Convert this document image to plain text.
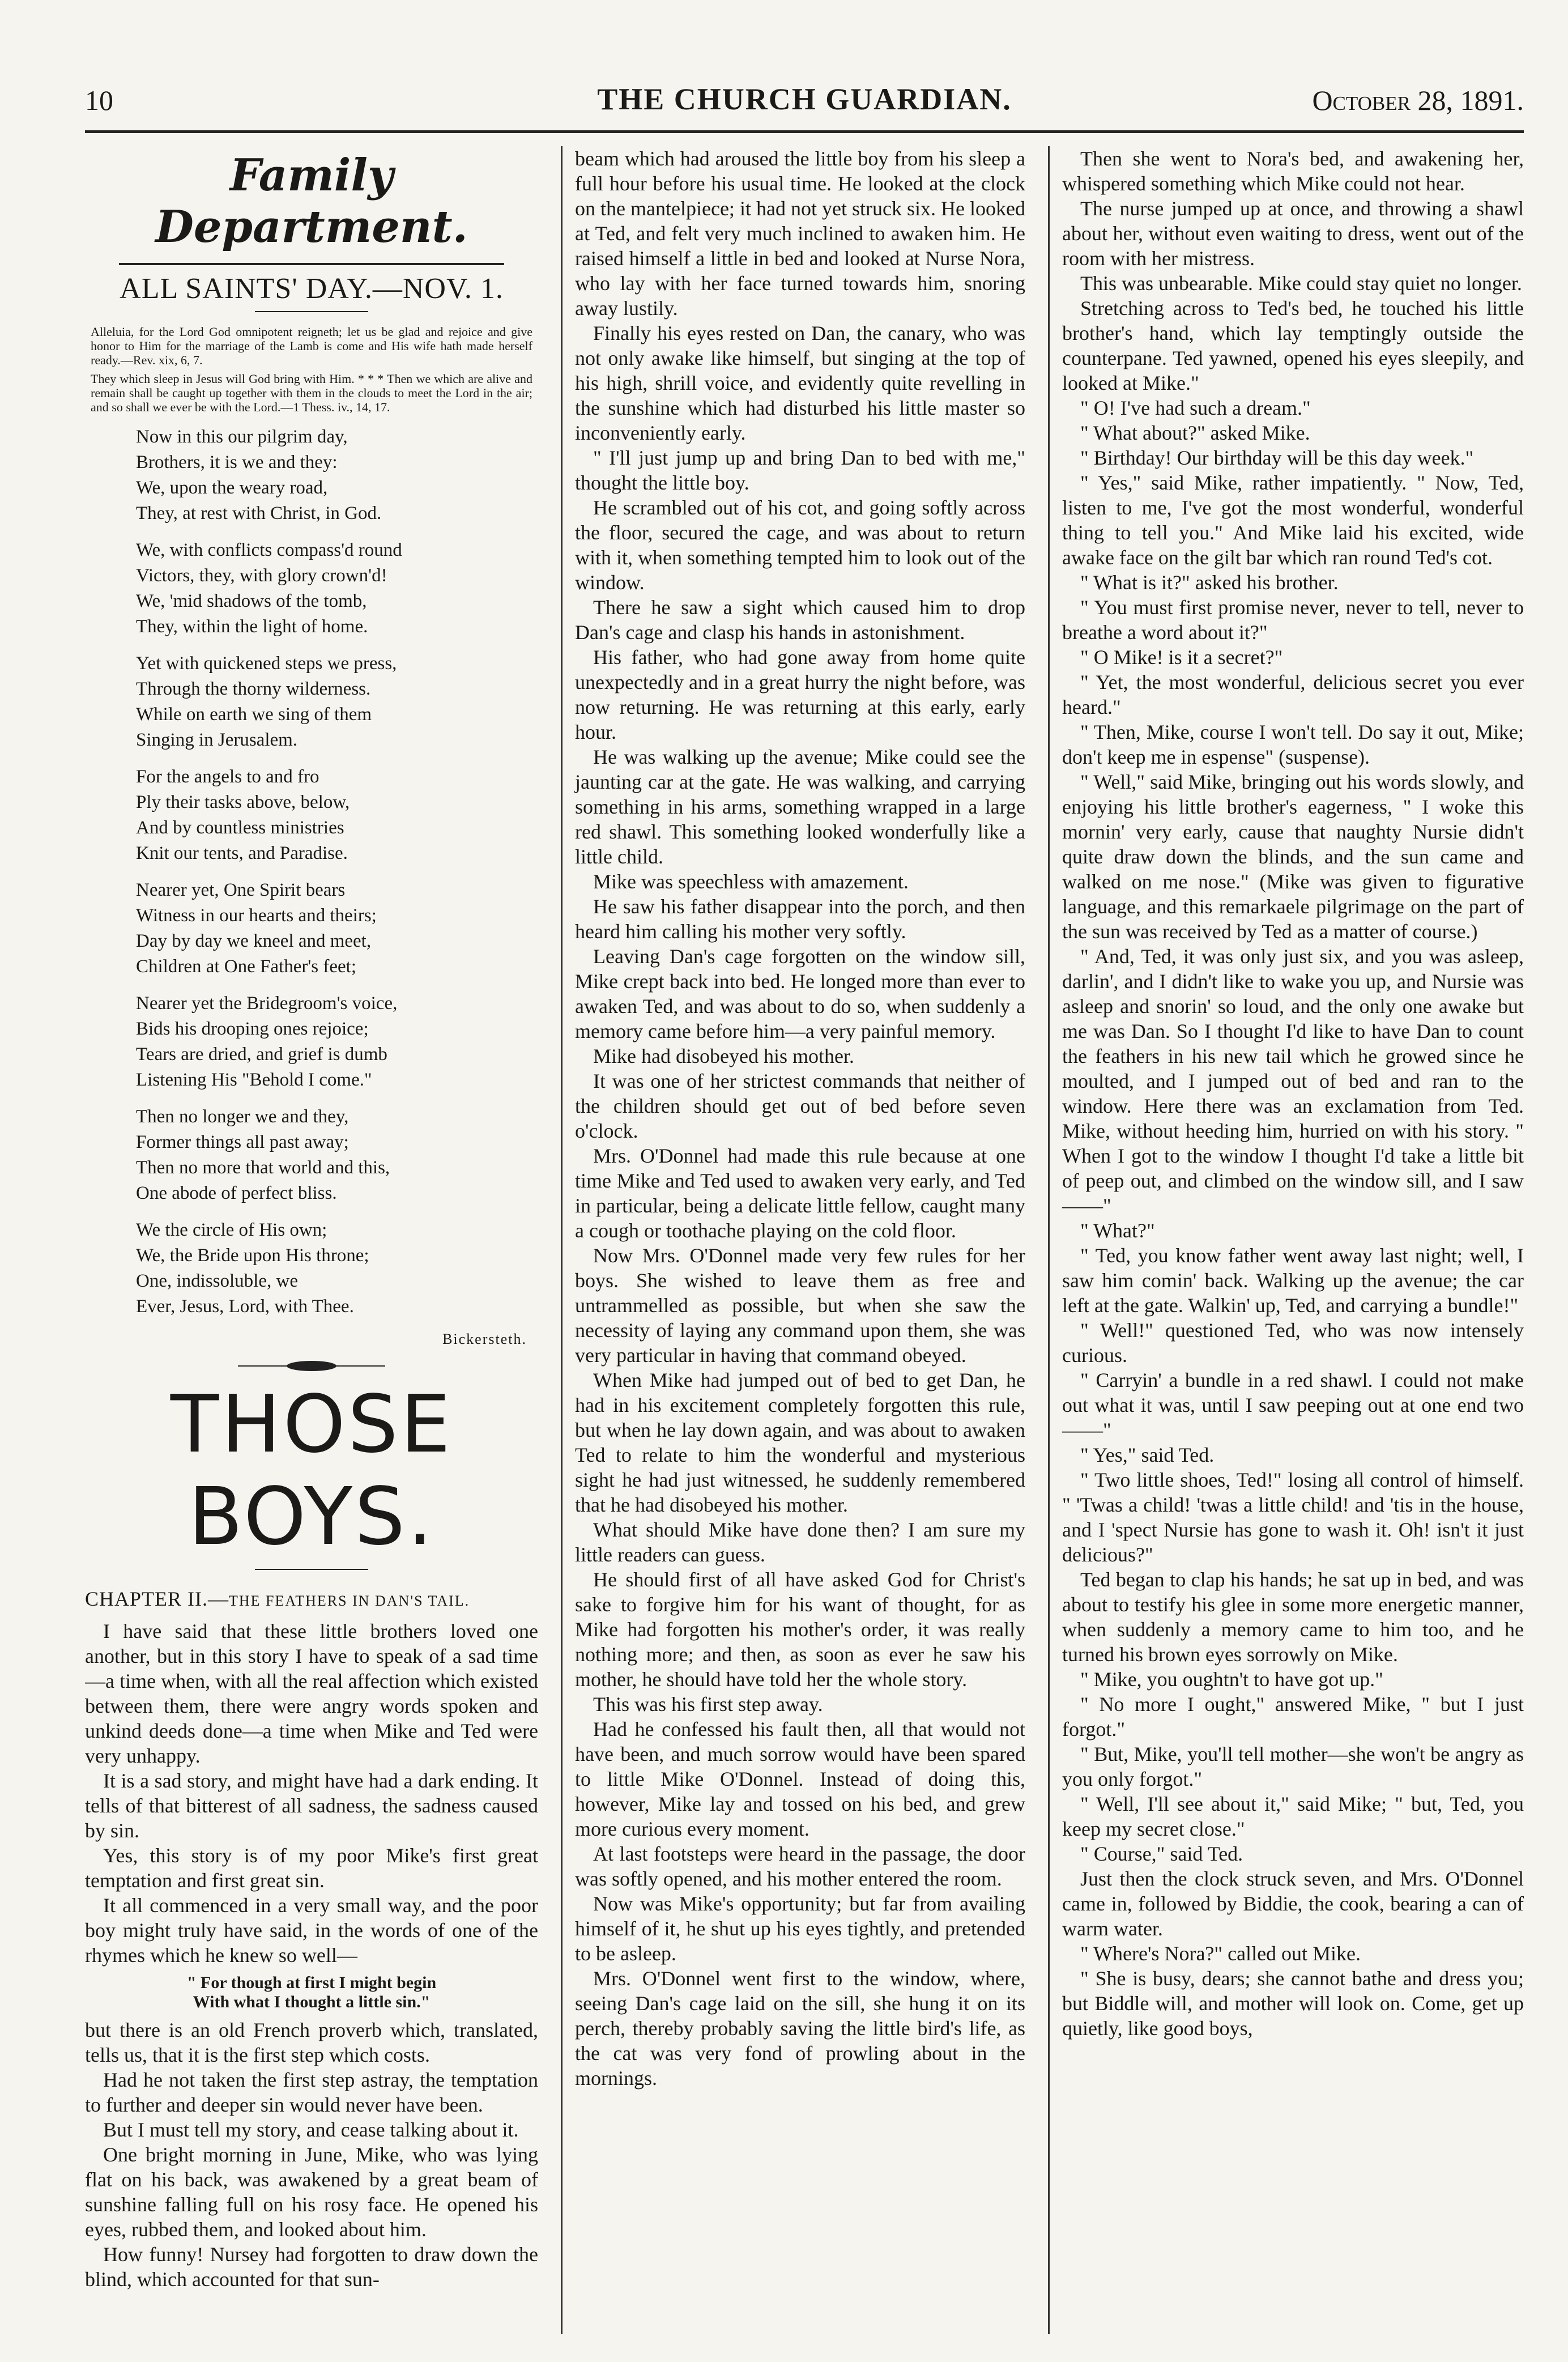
10	THE CHURCH GUARDIAN.	October 28, 1891.
Family Department.
ALL SAINTS' DAY.—NOV. 1.
Alleluia, for the Lord God omnipotent reigneth; let us be glad and rejoice and give honor to Him for the marriage of the Lamb is come and His wife hath made herself ready.—Rev. xix, 6, 7.
They which sleep in Jesus will God bring with Him. * * * Then we which are alive and remain shall be caught up together with them in the clouds to meet the Lord in the air; and so shall we ever be with the Lord.—1 Thess. iv., 14, 17.
Now in this our pilgrim day,
Brothers, it is we and they:
We, upon the weary road,
They, at rest with Christ, in God.
We, with conflicts compass'd round
Victors, they, with glory crown'd!
We, 'mid shadows of the tomb,
They, within the light of home.
Yet with quickened steps we press,
Through the thorny wilderness.
While on earth we sing of them
Singing in Jerusalem.
For the angels to and fro
Ply their tasks above, below,
And by countless ministries
Knit our tents, and Paradise.
Nearer yet, One Spirit bears
Witness in our hearts and theirs;
Day by day we kneel and meet,
Children at One Father's feet;
Nearer yet the Bridegroom's voice,
Bids his drooping ones rejoice;
Tears are dried, and grief is dumb
Listening His "Behold I come."
Then no longer we and they,
Former things all past away;
Then no more that world and this,
One abode of perfect bliss.
We the circle of His own;
We, the Bride upon His throne;
One, indissoluble, we
Ever, Jesus, Lord, with Thee.
Bickersteth.
THOSE BOYS.
CHAPTER II.—THE FEATHERS IN DAN'S TAIL.

I have said that these little brothers loved one another, but in this story I have to speak of a sad time—a time when, with all the real affection which existed between them, there were angry words spoken and unkind deeds done—a time when Mike and Ted were very unhappy.

It is a sad story, and might have had a dark ending. It tells of that bitterest of all sadness, the sadness caused by sin.

Yes, this story is of my poor Mike's first great temptation and first great sin.

It all commenced in a very small way, and the poor boy might truly have said, in the words of one of the rhymes which he knew so well—

" For though at first I might begin
With what I thought a little sin."

but there is an old French proverb which, translated, tells us, that it is the first step which costs.

Had he not taken the first step astray, the temptation to further and deeper sin would never have been.

But I must tell my story, and cease talking about it.

One bright morning in June, Mike, who was lying flat on his back, was awakened by a great beam of sunshine falling full on his rosy face. He opened his eyes, rubbed them, and looked about him.

How funny! Nursey had forgotten to draw down the blind, which accounted for that sun-

beam which had aroused the little boy from his sleep a full hour before his usual time. He looked at the clock on the mantelpiece; it had not yet struck six. He looked at Ted, and felt very much inclined to awaken him. He raised himself a little in bed and looked at Nurse Nora, who lay with her face turned towards him, snoring away lustily.

Finally his eyes rested on Dan, the canary, who was not only awake like himself, but singing at the top of his high, shrill voice, and evidently quite revelling in the sunshine which had disturbed his little master so inconveniently early.

" I'll just jump up and bring Dan to bed with me," thought the little boy.

He scrambled out of his cot, and going softly across the floor, secured the cage, and was about to return with it, when something tempted him to look out of the window.

There he saw a sight which caused him to drop Dan's cage and clasp his hands in astonishment.

His father, who had gone away from home quite unexpectedly and in a great hurry the night before, was now returning. He was returning at this early, early hour.

He was walking up the avenue; Mike could see the jaunting car at the gate. He was walking, and carrying something in his arms, something wrapped in a large red shawl. This something looked wonderfully like a little child.

Mike was speechless with amazement.

He saw his father disappear into the porch, and then heard him calling his mother very softly.

Leaving Dan's cage forgotten on the window sill, Mike crept back into bed. He longed more than ever to awaken Ted, and was about to do so, when suddenly a memory came before him—a very painful memory.

Mike had disobeyed his mother.

It was one of her strictest commands that neither of the children should get out of bed before seven o'clock.

Mrs. O'Donnel had made this rule because at one time Mike and Ted used to awaken very early, and Ted in particular, being a delicate little fellow, caught many a cough or toothache playing on the cold floor.

Now Mrs. O'Donnel made very few rules for her boys. She wished to leave them as free and untrammelled as possible, but when she saw the necessity of laying any command upon them, she was very particular in having that command obeyed.

When Mike had jumped out of bed to get Dan, he had in his excitement completely forgotten this rule, but when he lay down again, and was about to awaken Ted to relate to him the wonderful and mysterious sight he had just witnessed, he suddenly remembered that he had disobeyed his mother.

What should Mike have done then? I am sure my little readers can guess.

He should first of all have asked God for Christ's sake to forgive him for his want of thought, for as Mike had forgotten his mother's order, it was really nothing more; and then, as soon as ever he saw his mother, he should have told her the whole story.

This was his first step away.

Had he confessed his fault then, all that would not have been, and much sorrow would have been spared to little Mike O'Donnel. Instead of doing this, however, Mike lay and tossed on his bed, and grew more curious every moment.

At last footsteps were heard in the passage, the door was softly opened, and his mother entered the room.

Now was Mike's opportunity; but far from availing himself of it, he shut up his eyes tightly, and pretended to be asleep.

Mrs. O'Donnel went first to the window, where, seeing Dan's cage laid on the sill, she hung it on its perch, thereby probably saving the little bird's life, as the cat was very fond of prowling about in the mornings.

Then she went to Nora's bed, and awakening her, whispered something which Mike could not hear.

The nurse jumped up at once, and throwing a shawl about her, without even waiting to dress, went out of the room with her mistress.

This was unbearable. Mike could stay quiet no longer.

Stretching across to Ted's bed, he touched his little brother's hand, which lay temptingly outside the counterpane. Ted yawned, opened his eyes sleepily, and looked at Mike."

" O! I've had such a dream."

" What about?" asked Mike.

" Birthday! Our birthday will be this day week."

" Yes," said Mike, rather impatiently. " Now, Ted, listen to me, I've got the most wonderful, wonderful thing to tell you." And Mike laid his excited, wide awake face on the gilt bar which ran round Ted's cot.

" What is it?" asked his brother.

" You must first promise never, never to tell, never to breathe a word about it?"

" O Mike! is it a secret?"

" Yet, the most wonderful, delicious secret you ever heard."

" Then, Mike, course I won't tell. Do say it out, Mike; don't keep me in espense" (suspense).

" Well," said Mike, bringing out his words slowly, and enjoying his little brother's eagerness, " I woke this mornin' very early, cause that naughty Nursie didn't quite draw down the blinds, and the sun came and walked on me nose." (Mike was given to figurative language, and this remarkaele pilgrimage on the part of the sun was received by Ted as a matter of course.)

" And, Ted, it was only just six, and you was asleep, darlin', and I didn't like to wake you up, and Nursie was asleep and snorin' so loud, and the only one awake but me was Dan. So I thought I'd like to have Dan to count the feathers in his new tail which he growed since he moulted, and I jumped out of bed and ran to the window. Here there was an exclamation from Ted. Mike, without heeding him, hurried on with his story. " When I got to the window I thought I'd take a little bit of peep out, and climbed on the window sill, and I saw——"

" What?"

" Ted, you know father went away last night; well, I saw him comin' back. Walking up the avenue; the car left at the gate. Walkin' up, Ted, and carrying a bundle!"

" Well!" questioned Ted, who was now intensely curious.

" Carryin' a bundle in a red shawl. I could not make out what it was, until I saw peeping out at one end two——"

" Yes," said Ted.

" Two little shoes, Ted!" losing all control of himself. " 'Twas a child! 'twas a little child! and 'tis in the house, and I 'spect Nursie has gone to wash it. Oh! isn't it just delicious?"

Ted began to clap his hands; he sat up in bed, and was about to testify his glee in some more energetic manner, when suddenly a memory came to him too, and he turned his brown eyes sorrowly on Mike.

" Mike, you oughtn't to have got up."

" No more I ought," answered Mike, " but I just forgot."

" But, Mike, you'll tell mother—she won't be angry as you only forgot."

" Well, I'll see about it," said Mike; " but, Ted, you keep my secret close."

" Course," said Ted.

Just then the clock struck seven, and Mrs. O'Donnel came in, followed by Biddie, the cook, bearing a can of warm water.

" Where's Nora?" called out Mike.

" She is busy, dears; she cannot bathe and dress you; but Biddle will, and mother will look on. Come, get up quietly, like good boys,
